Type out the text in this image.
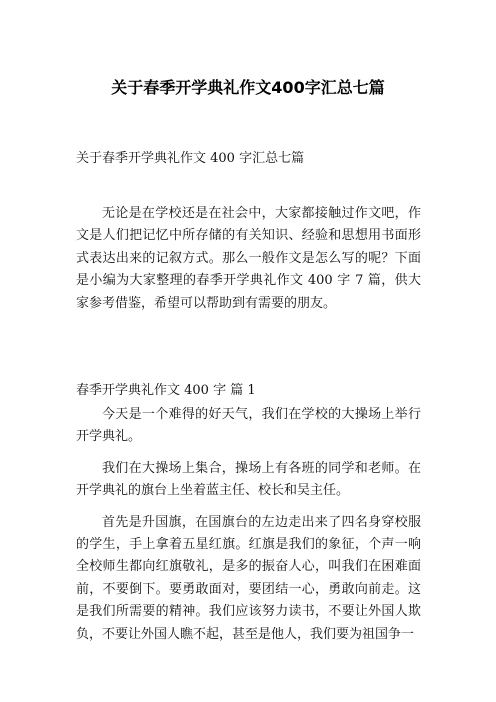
关于春季开学典礼作文400字汇总七篇

关于春季开学典礼作文 400 字汇总七篇

无论是在学校还是在社会中，大家都接触过作文吧，作文是人们把记忆中所存储的有关知识、经验和思想用书面形式表达出来的记叙方式。那么一般作文是怎么写的呢？下面是小编为大家整理的春季开学典礼作文 400 字 7 篇，供大家参考借鉴，希望可以帮助到有需要的朋友。

春季开学典礼作文 400 字 篇 1

今天是一个难得的好天气，我们在学校的大操场上举行开学典礼。

我们在大操场上集合，操场上有各班的同学和老师。在开学典礼的旗台上坐着蓝主任、校长和吴主任。

首先是升国旗，在国旗台的左边走出来了四名身穿校服的学生，手上拿着五星红旗。红旗是我们的象征，个声一响全校师生都向红旗敬礼，是多的振奋人心，叫我们在困难面前，不要倒下。要勇敢面对，要团结一心，勇敢向前走。这是我们所需要的精神。我们应该努力读书，不要让外国人欺负，不要让外国人瞧不起，甚至是他人，我们要为祖国争一
